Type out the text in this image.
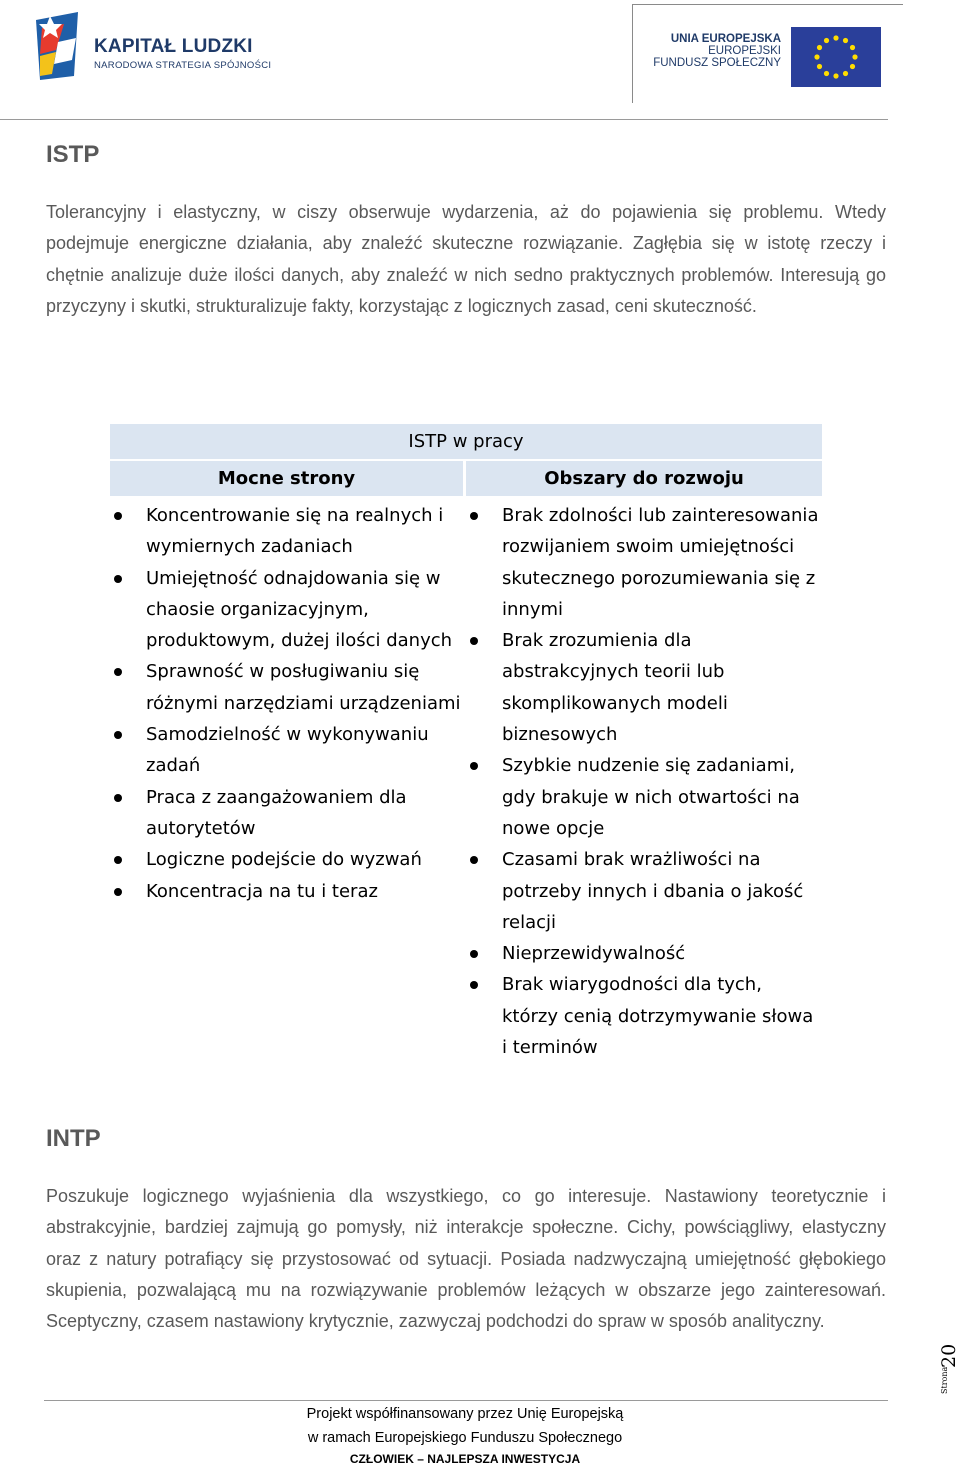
KAPITAŁ LUDZKI
NARODOWA STRATEGIA SPÓJNOŚCI
UNIA EUROPEJSKA
EUROPEJSKI
FUNDUSZ SPOŁECZNY
ISTP

Tolerancyjny i elastyczny, w ciszy obserwuje wydarzenia, aż do pojawienia się problemu. Wtedy podejmuje energiczne działania, aby znaleźć skuteczne rozwiązanie. Zagłębia się w istotę rzeczy i chętnie analizuje duże ilości danych, aby znaleźć w nich sedno praktycznych problemów. Interesują go przyczyny i skutki, strukturalizuje fakty, korzystając z logicznych zasad, ceni skuteczność.

ISTP w pracy
Mocne strony	Obszary do rozwoju
Koncentrowanie się na realnych i wymiernych zadaniach
Umiejętność odnajdowania się w chaosie organizacyjnym, produktowym, dużej ilości danych
Sprawność w posługiwaniu się różnymi narzędziami urządzeniami
Samodzielność w wykonywaniu zadań
Praca z zaangażowaniem dla autorytetów
Logiczne podejście do wyzwań
Koncentracja na tu i teraz
Brak zdolności lub zainteresowania rozwijaniem swoim umiejętności skutecznego porozumiewania się z innymi
Brak zrozumienia dla abstrakcyjnych teorii lub skomplikowanych modeli biznesowych
Szybkie nudzenie się zadaniami, gdy brakuje w nich otwartości na nowe opcje
Czasami brak wrażliwości na potrzeby innych i dbania o jakość relacji
Nieprzewidywalność
Brak wiarygodności dla tych, którzy cenią dotrzymywanie słowa i terminów
INTP

Poszukuje logicznego wyjaśnienia dla wszystkiego, co go interesuje. Nastawiony teoretycznie i abstrakcyjnie, bardziej zajmują go pomysły, niż interakcje społeczne. Cichy, powściągliwy, elastyczny oraz z natury potrafiący się przystosować od sytuacji. Posiada nadzwyczajną umiejętność głębokiego skupienia, pozwalającą mu na rozwiązywanie problemów leżących w obszarze jego zainteresowań. Sceptyczny, czasem nastawiony krytycznie, zazwyczaj podchodzi do spraw w sposób analityczny.

Strona
20
Projekt współfinansowany przez Unię Europejską
w ramach Europejskiego Funduszu Społecznego
CZŁOWIEK – NAJLEPSZA INWESTYCJA
